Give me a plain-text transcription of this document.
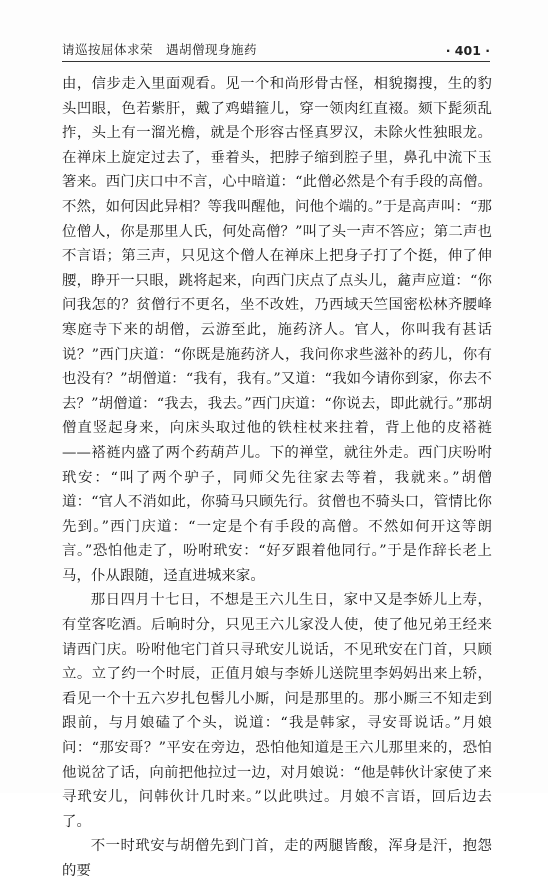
请巡按屈体求荣　遇胡僧现身施药	· 401 ·

由，信步走入里面观看。见一个和尚形骨古怪，相貌搊搜，生的豹头凹眼，色若紫肝，戴了鸡蜡箍儿，穿一领肉红直裰。颏下髭须乱拃，头上有一溜光檐，就是个形容古怪真罗汉，未除火性独眼龙。在禅床上旋定过去了，垂着头，把脖子缩到腔子里，鼻孔中流下玉箸来。西门庆口中不言，心中暗道：“此僧必然是个有手段的高僧。不然，如何因此异相？等我叫醒他，问他个端的。”于是高声叫：“那位僧人，你是那里人氏，何处高僧？”叫了头一声不答应；第二声也不言语；第三声，只见这个僧人在禅床上把身子打了个挺，伸了伸腰，睁开一只眼，跳将起来，向西门庆点了点头儿，麄声应道：“你问我怎的？贫僧行不更名，坐不改姓，乃西域天竺国密松林齐腰峰寒庭寺下来的胡僧，云游至此，施药济人。官人，你叫我有甚话说？”西门庆道：“你既是施药济人，我问你求些滋补的药儿，你有也没有？”胡僧道：“我有，我有。”又道：“我如今请你到家，你去不去？”胡僧道：“我去，我去。”西门庆道：“你说去，即此就行。”那胡僧直竖起身来，向床头取过他的铁柱杖来拄着，背上他的皮褡裢——褡裢内盛了两个药葫芦儿。下的禅堂，就往外走。西门庆吩咐玳安：“叫了两个驴子，同师父先往家去等着，我就来。”胡僧道：“官人不消如此，你骑马只顾先行。贫僧也不骑头口，管情比你先到。”西门庆道：“一定是个有手段的高僧。不然如何开这等朗言。”恐怕他走了，吩咐玳安：“好歹跟着他同行。”于是作辞长老上马，仆从跟随，迳直进城来家。

那日四月十七日，不想是王六儿生日，家中又是李娇儿上寿，有堂客吃酒。后晌时分，只见王六儿家没人使，使了他兄弟王经来请西门庆。吩咐他宅门首只寻玳安儿说话，不见玳安在门首，只顾立。立了约一个时辰，正值月娘与李娇儿送院里李妈妈出来上轿，看见一个十五六岁扎包髻儿小厮，问是那里的。那小厮三不知走到跟前，与月娘磕了个头，说道：“我是韩家，寻安哥说话。”月娘问：“那安哥？”平安在旁边，恐怕他知道是王六儿那里来的，恐怕他说岔了话，向前把他拉过一边，对月娘说：“他是韩伙计家使了来寻玳安儿，问韩伙计几时来。”以此哄过。月娘不言语，回后边去了。

不一时玳安与胡僧先到门首，走的两腿皆酸，浑身是汗，抱怨的要
